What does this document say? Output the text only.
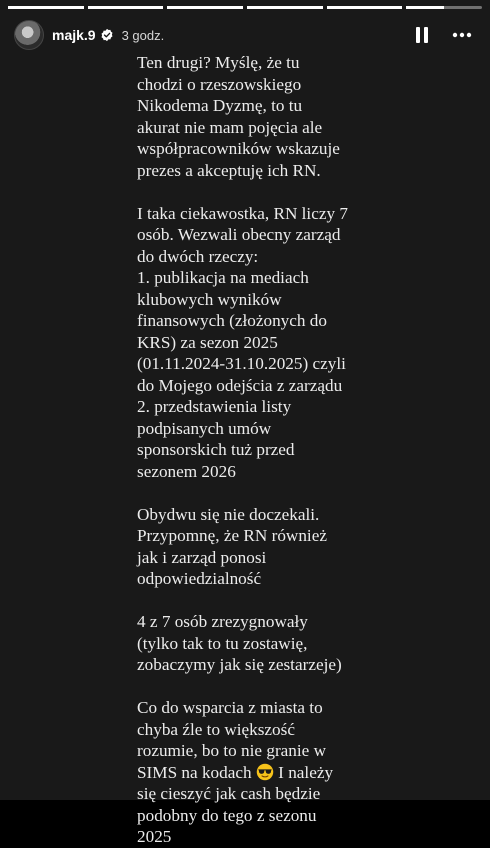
majk.9 3 godz.
Ten drugi? Myślę, że tu
chodzi o rzeszowskiego
Nikodema Dyzmę, to tu
akurat nie mam pojęcia ale
współpracowników wskazuje
prezes a akceptuję ich RN.
I taka ciekawostka, RN liczy 7
osób. Wezwali obecny zarząd
do dwóch rzeczy:
1. publikacja na mediach
klubowych wyników
finansowych (złożonych do
KRS) za sezon 2025
(01.11.2024-31.10.2025) czyli
do Mojego odejścia z zarządu
2. przedstawienia listy
podpisanych umów
sponsorskich tuż przed
sezonem 2026
Obydwu się nie doczekali.
Przypomnę, że RN również
jak i zarząd ponosi
odpowiedzialność
4 z 7 osób zrezygnowały
(tylko tak to tu zostawię,
zobaczymy jak się zestarzeje)
Co do wsparcia z miasta to
chyba źle to większość
rozumie, bo to nie granie w
SIMS na kodach I należy
się cieszyć jak cash będzie
podobny do tego z sezonu
2025
